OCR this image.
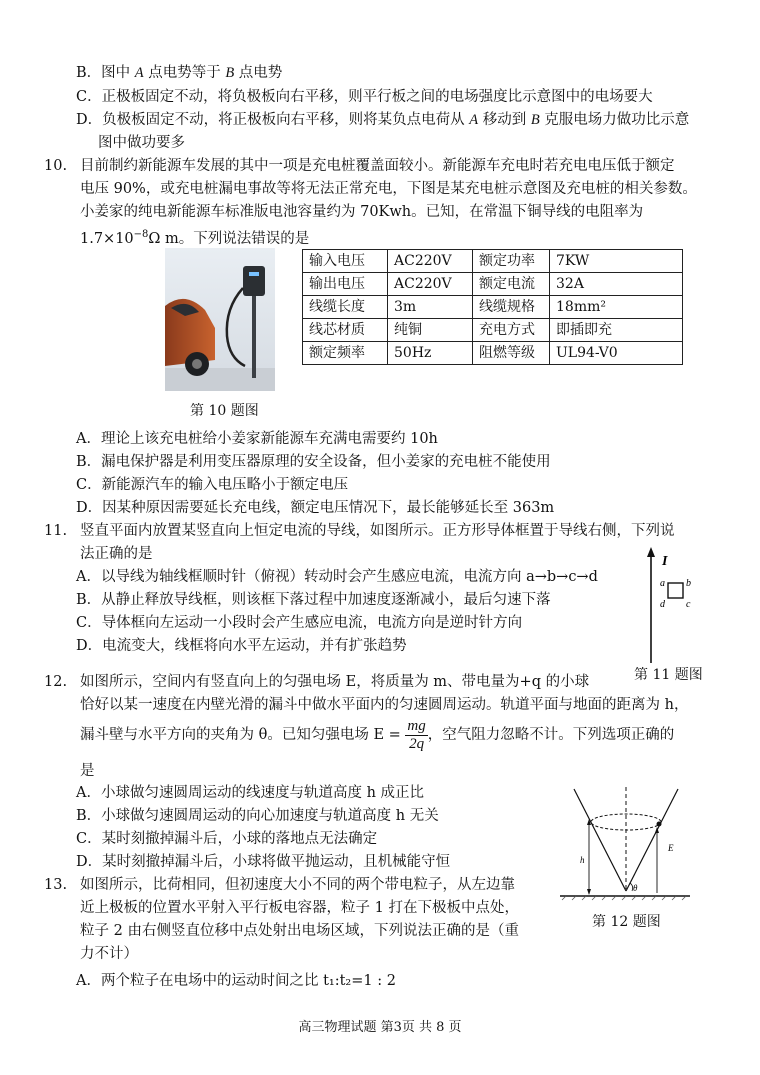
B．图中 A 点电势等于 B 点电势
C．正极板固定不动，将负极板向右平移，则平行板之间的电场强度比示意图中的电场要大
D．负极板固定不动，将正极板向右平移，则将某负点电荷从 A 移动到 B 克服电场力做功比示意
图中做功要多
10. 目前制约新能源车发展的其中一项是充电桩覆盖面较小。新能源车充电时若充电电压低于额定
电压 90%，或充电桩漏电事故等将无法正常充电，下图是某充电桩示意图及充电桩的相关参数。
小姜家的纯电新能源车标准版电池容量约为 70Kwh。已知，在常温下铜导线的电阻率为
$1.7\times 10^{-8}\Omega$ m。下列说法错误的是
第 10 题图
输入电压	AC220V	额定功率	7KW
输出电压	AC220V	额定电流	32A
线缆长度	3m	线缆规格	18mm²
线芯材质	纯铜	充电方式	即插即充
额定频率	50Hz	阻燃等级	UL94-V0
A．理论上该充电桩给小姜家新能源车充满电需要约 10h
B．漏电保护器是利用变压器原理的安全设备，但小姜家的充电桩不能使用
C．新能源汽车的输入电压略小于额定电压
D．因某种原因需要延长充电线，额定电压情况下，最长能够延长至 363m
11. 竖直平面内放置某竖直向上恒定电流的导线，如图所示。正方形导体框置于导线右侧，下列说
法正确的是
A．以导线为轴线框顺时针（俯视）转动时会产生感应电流，电流方向 a→b→c→d
B．从静止释放导线框，则该框下落过程中加速度逐渐减小，最后匀速下落
C．导体框向左运动一小段时会产生感应电流，电流方向是逆时针方向
D．电流变大，线框将向水平左运动，并有扩张趋势
I
a b
c
d
第 11 题图
12. 如图所示，空间内有竖直向上的匀强电场 E，将质量为 m、带电量为+q 的小球
恰好以某一速度在内壁光滑的漏斗中做水平面内的匀速圆周运动。轨道平面与地面的距离为 h，
漏斗壁与水平方向的夹角为 θ。已知匀强电场 $E = \frac{mg}{2q}$ ，空气阻力忽略不计。下列选项正确的
是
A．小球做匀速圆周运动的线速度与轨道高度 h 成正比
B．小球做匀速圆周运动的向心加速度与轨道高度 h 无关
C．某时刻撤掉漏斗后，小球的落地点无法确定
D．某时刻撤掉漏斗后，小球将做平抛运动，且机械能守恒	h
E
θ
第 12 题图
13. 如图所示，比荷相同，但初速度大小不同的两个带电粒子，从左边靠
近上极板的位置水平射入平行板电容器，粒子 1 打在下极板中点处，
粒子 2 由右侧竖直位移中点处射出电场区域，下列说法正确的是（重
力不计）
A．两个粒子在电场中的运动时间之比 t₁:t₂=1 : 2
高三物理试题 第3页 共 8 页
